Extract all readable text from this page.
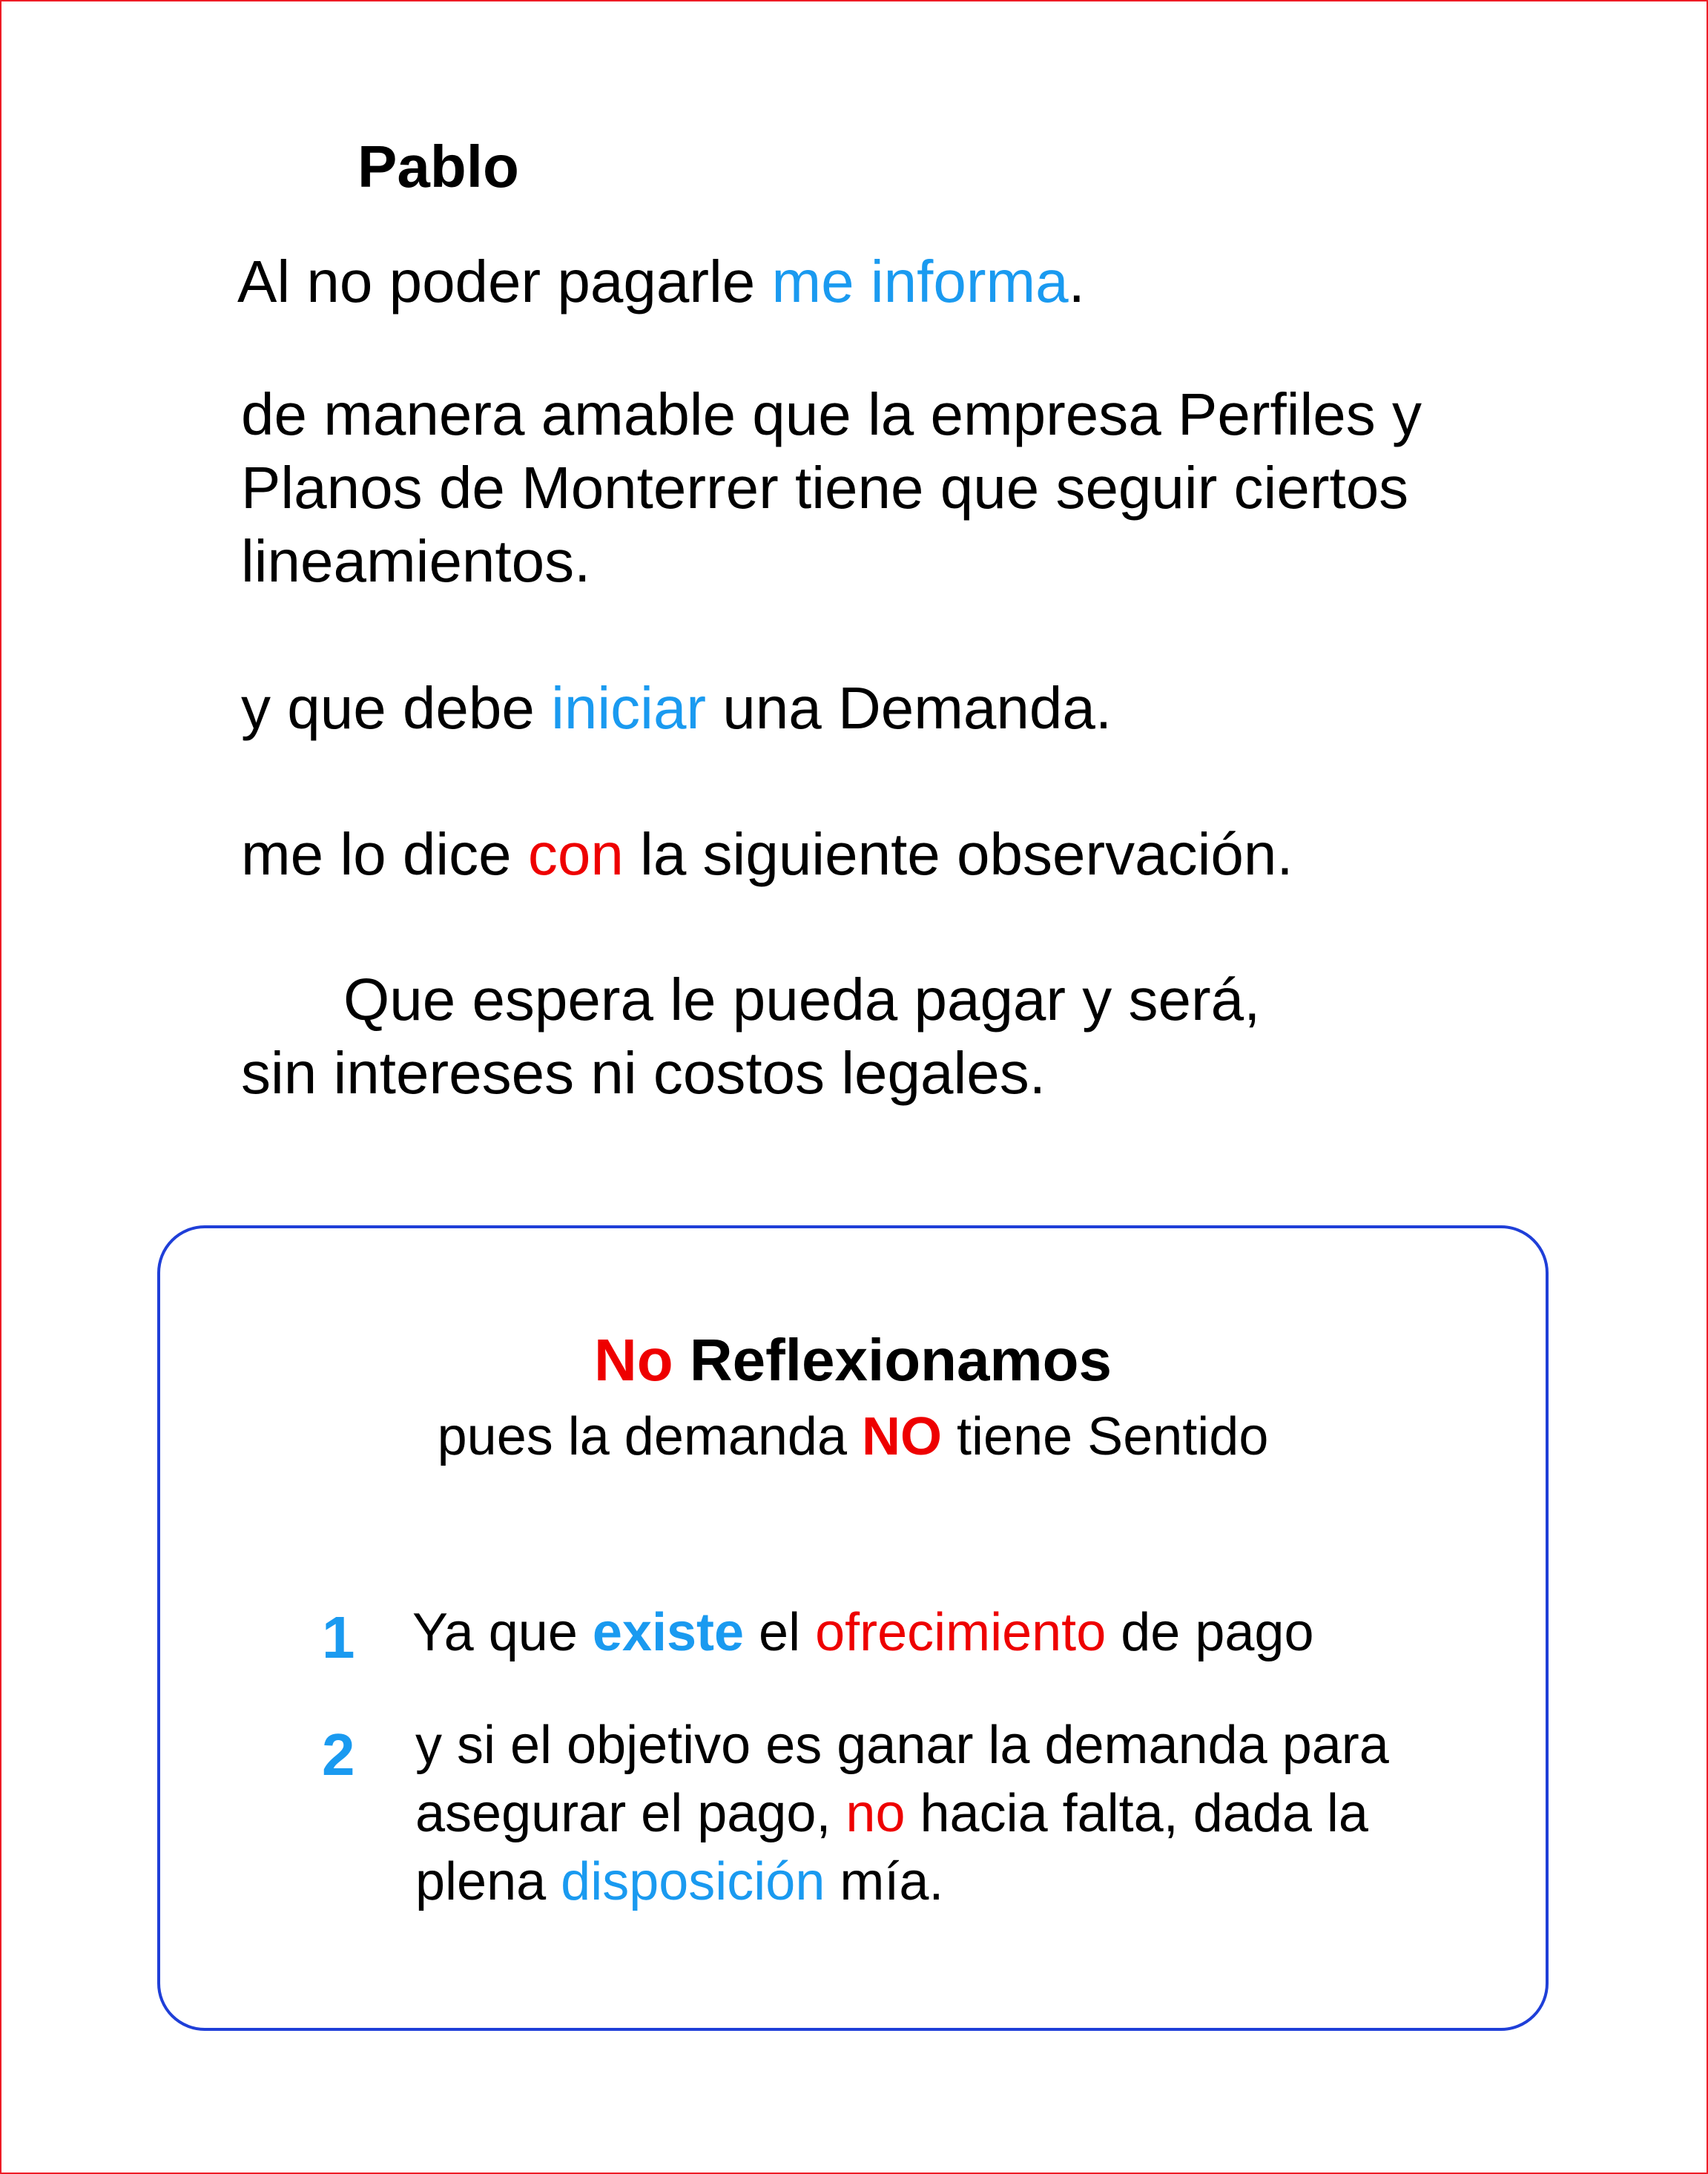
Pablo
Al no poder pagarle me informa.
de manera amable que la empresa Perfiles y
Planos de Monterrer tiene que seguir ciertos
lineamientos.
y que debe iniciar una Demanda.
me lo dice con la siguiente observación.
Que espera le pueda pagar y será,
sin intereses ni costos legales.
No Reflexionamos
pues la demanda NO tiene Sentido
1 Ya que existe el ofrecimiento de pago
2 y si el objetivo es ganar la demanda para
asegurar el pago, no hacia falta, dada la
plena disposición mía.
